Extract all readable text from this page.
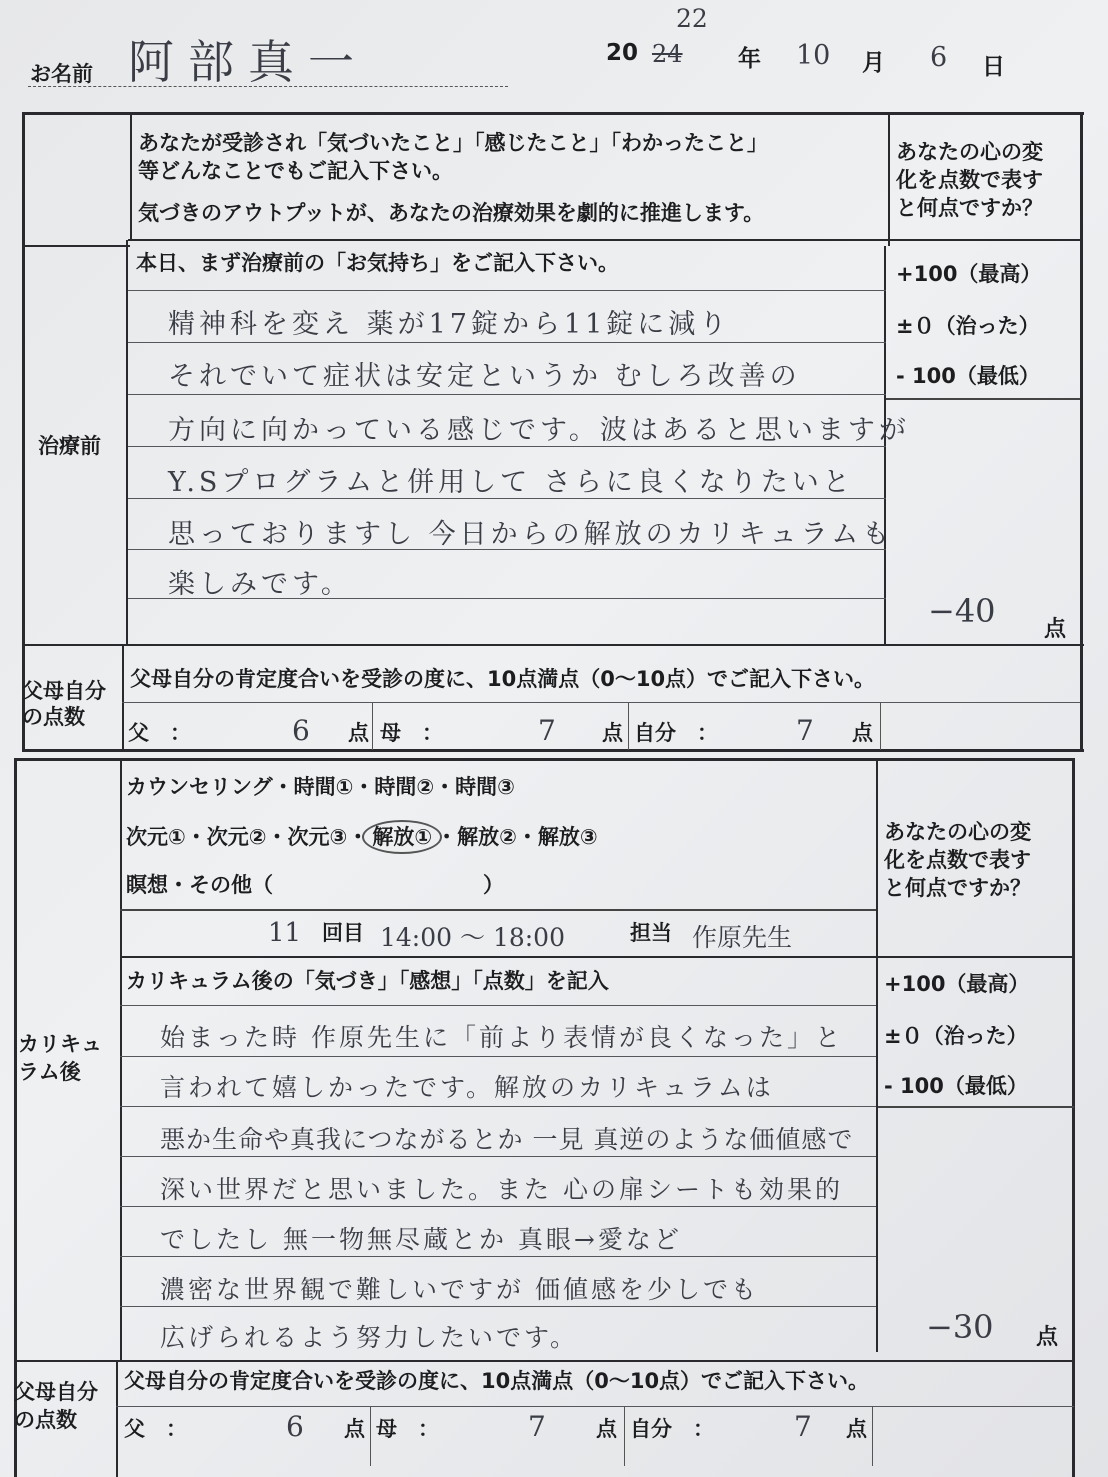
お名前 阿部真一	20 24
22
年 10 月 6 日
あなたが受診され「気づいたこと」「感じたこと」「わかったこと」
等どんなことでもご記入下さい。
気づきのアウトプットが、あなたの治療効果を劇的に推進します。
あなたの心の変
化を点数で表す
と何点ですか？
治療前
本日、まず治療前の「お気持ち」をご記入下さい。	+100（最高）
±０（治った）
- 100（最低）
精神科を変え 薬が17錠から11錠に減り
それでいて症状は安定というか むしろ改善の
方向に向かっている感じです。波はあると思いますが
Y.Sプログラムと併用して さらに良くなりたいと
思っておりますし 今日からの解放のカリキュラムも
楽しみです。
−40 点
父母自分
の点数
父母自分の肯定度合いを受診の度に、10点満点（0〜10点）でご記入下さい。
父　：	6 点 母　：	7 点 自分　：	7 点
カウンセリング・時間①・時間②・時間③
次元①・次元②・次元③・ 解放① ・解放②・解放③
瞑想・その他（　　　　　　　　　　）
あなたの心の変
化を点数で表す
と何点ですか？
11 回目 14:00 〜 18:00	担当 作原先生
カリキュ
ラム後
カリキュラム後の「気づき」「感想」「点数」を記入	+100（最高）
±０（治った）
- 100（最低）
始まった時 作原先生に「前より表情が良くなった」と
言われて嬉しかったです。解放のカリキュラムは
悪か生命や真我につながるとか 一見 真逆のような価値感で
深い世界だと思いました。また 心の扉シートも効果的
でしたし 無一物無尽蔵とか 真眼→愛など
濃密な世界観で難しいですが 価値感を少しでも
広げられるよう努力したいです。	−30 点
父母自分
の点数
父母自分の肯定度合いを受診の度に、10点満点（0〜10点）でご記入下さい。
父　：	6 点 母　：	7 点 自分　：	7 点
